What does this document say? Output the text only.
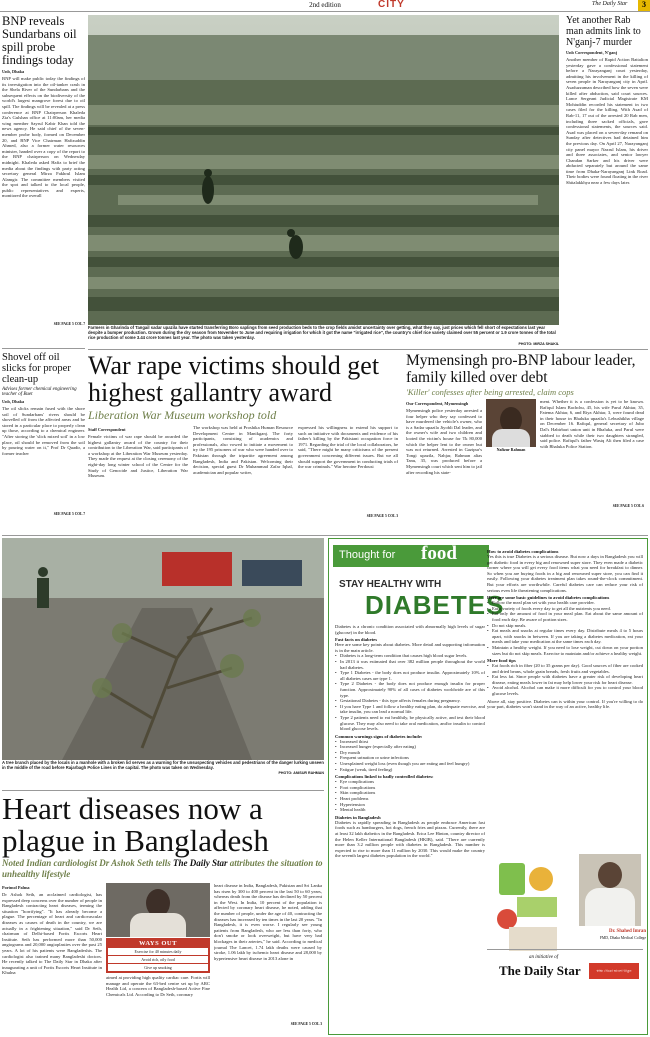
2nd edition	CITY	The Daily Star	3
BNP reveals Sundarbans oil spill probe findings today
Unb, Dhaka
BNP will make public today the findings of its investigation into the oil-tanker crash in the Shela River of the Sundarbans and the subsequent effects on the biodiversity of the world's largest mangrove forest due to oil spill. The findings will be revealed at a press conference at BNP Chairperson Khaleda Zia's Gulshan office at 11:00am, her media wing member Sayrul Kabir Khan told the news agency. He said chief of the seven-member probe body, formed on December 20, and BNP Vice Chairman Hafizuddin Ahmed, also a former water resources minister, handed over a copy of the report to the BNP chairperson on Wednesday midnight. Khaleda asked Hafiz to brief the media about the findings with party acting secretary general Mirza Fakhrul Islam Alamgir. The committee members visited the spot and talked to the local people, public representatives and experts, monitored the overall
SEE PAGE 5 COL 7
Shovel off oil slicks for proper clean-up
Advises former chemical engineering teacher of Buet
Unb, Dhaka
The oil slicks remain fused with the shore soil of Sundarbans' rivers should be shovelled off from the affected areas and be stored in a particular place to properly clean up those, according to a chemical engineer. "After storing the 'slick mixed soil' in a low place, oil should be removed from the soil by pouring water on it," Prof Dr Quadir, a former teacher
SEE PAGE 5 COL 7
Farmers in Gharinda of Tangail sadar upazila have started transferring Boro saplings from seed production beds to the crop fields amidst uncertainty over getting, what they say, just prices which fell short of expectations last year despite a bumper production. Grown during the dry season from November to June and requiring irrigation for which it got the name "irrigated rice", the country's chief rice variety claimed over 55 percent or 1.9 crore tonnes of the total rice production of some 3.44 crore tonnes last year. The photo was taken yesterday.
PHOTO: MIRZA SHAKIL
Yet another Rab man admits link to N'ganj-7 murder
Unb Correspondent, N'ganj
Another member of Rapid Action Battalion yesterday gave a confessional statement before a Narayanganj court yesterday, admitting his involvement in the killing of seven people in Narayanganj city in April. Asaduzzaman described how the seven were killed after abduction, said court sources. Lance Sergeant Judicial Magistrate KM Mohiuddin recorded his statement in two cases filed for the killing. With Asad of Rab-11, 17 out of the arrested 20 Rab men, including three sacked officials, gave confessional statements, the sources said. Asad was placed on a seven-day remand on Sunday after detectives had detained him the previous day. On April 27, Narayanganj city panel mayor Nazrul Islam, his driver and three associates, and senior lawyer Chandan Sarker and his driver were abducted separately but around the same time from Dhaka-Narayanganj Link Road. Their bodies were found floating in the river Shitalakkhya near a few days later.
War rape victims should get highest gallantry award
Liberation War Museum workshop told
Staff Correspondent
Female victims of war rape should be awarded the highest gallantry award of the country for their contribution to the Liberation War, said participants of a workshop at the Liberation War Museum yesterday. They made the request at the closing ceremony of the eight-day long winter school of the Centre for the Study of Genocide and Justice, Liberation War Museum.
The workshop was held at Proshika Human Resource Development Centre in Manikganj. The forty participants, consisting of academics and professionals, also vowed to initiate a movement to try the 195 prisoners of war who were handed over to Pakistan through the tripartite agreement among Bangladesh, India and Pakistan. Welcoming their decision, special guest Dr Muhammad Zafar Iqbal, academician and popular writer,
expressed his willingness to extend his support to such an initiative with documents and evidence of his father's killing by the Pakistani occupation force in 1971. Regarding the trial of the local collaborators, he said, "There might be many criticisms of the present government concerning different issues. But we all should support the government in conducting trials of the war criminals." War heroine Ferdousi
SEE PAGE 5 COL 3
Mymensingh pro-BNP labour leader, family killed over debt
'Killer' confesses after being arrested, claim cops
Our Correspondent, Mymensingh
Mymensingh police yesterday arrested a four helper who they say confessed to have murdered the vehicle's owner, who is a Sadar upazila Jiyobli Dal leader, and the owner's wife and two children and looted the victim's house for Tk 80,000 which the helper lent to the owner but was not returned. Arrested in Gazipur's Tongi upazila, Nahjar, Rahman alias Tanu, 35, was produced before a Mymensingh court which sent him to jail after recording his state-
Nafizur Rahman
ment. Whether it is a confession is yet to be known. Rafiqul Islam Bachchu, 45, his wife Parul Akhtar, 35, Fatema Akhtar, 6, and Riya Akhtar, 3, were found dead in their house in Bhaluka upazila's Lebushikha village on December 16. Rafiqul, general secretary of Jubo Dal's Habirbari union unit in Bhaluka, and Parul were stabbed to death while their two daughters strangled, said police. Rafiqul's father Wasiq Ali then filed a case with Bhaluka Police Station.
SEE PAGE 5 COL 6
A tree branch placed by the locals in a manhole with a broken lid serves as a warning for the unsuspecting vehicles and pedestrians of the danger lurking unseen in the middle of the road before Rajarbagh Police Lines in the capital. The photo was taken on Wednesday.
PHOTO: ANISUR RAHMAN
Heart diseases now a plague in Bangladesh
Noted Indian cardiologist Dr Ashok Seth tells The Daily Star attributes the situation to unhealthy lifestyle
Porimol Palma
Dr Ashok Seth, an acclaimed cardiologist, has expressed deep concerns over the number of people in Bangladesh contracting heart diseases, terming the situation "horrifying". "It has already become a plague. The percentage of heart and cardiovascular diseases as causes of death in the country, we are actually in a frightening situation," said Dr Seth, chairman of Delhi-based Fortis Escorts Heart Institute. Seth has performed more than 50,000 angiograms and 20,000 angioplasties over the past 25 years. A lot of his patients were Bangladeshis. The cardiologist also trained many Bangladeshi doctors. He recently talked to The Daily Star in Dhaka after inaugurating a unit of Fortis Escorts Heart Institute in Khulna
WAYS OUT
Exercise for 40 minutes daily
Avoid rich, oily food
Give up smoking
aimed at providing high quality cardiac care. Fortis will manage and operate the 63-bed centre set up by ARC Health Ltd, a concern of Bangladesh-based Active Fine Chemicals Ltd. According to Dr Seth, coronary
heart disease in India, Bangladesh, Pakistan and Sri Lanka has risen by 300 to 400 percent in the last 50 to 60 years, whereas death from the disease has declined by 50 percent in the West. In India, 10 percent of the population is affected by coronary heart disease, he noted, adding that the number of people, under the age of 40, contracting the diseases has increased by ten times in the last 20 years. "In Bangladesh, it is even worse. I regularly see young patients from Bangladesh, who are less than forty, who don't smoke or look overweight, but have very bad blockages in their arteries," he said. According to medical journal The Lancet, 1.74 lakh deaths were caused by stroke, 1.06 lakh by ischemic heart disease and 28,000 by hypertensive heart disease in 2013 alone in
SEE PAGE 5 COL 3
Thought for food
STAY HEALTHY WITH
DIABETES
Diabetes is a chronic condition associated with abnormally high levels of sugar (glucose) in the blood.
Fast facts on diabetes
Here are some key points about diabetes. More detail and supporting information is in the main article.
• Diabetes is a long-term condition that causes high blood sugar levels.
• In 2013 it was estimated that over 382 million people throughout the world had diabetes.
• Type 1 Diabetes - the body does not produce insulin. Approximately 10% of all diabetes cases are type 1.
• Type 2 Diabetes - the body does not produce enough insulin for proper function. Approximately 90% of all cases of diabetes worldwide are of this type.
• Gestational Diabetes - this type affects females during pregnancy.
• If you have Type 1 and follow a healthy eating plan, do adequate exercise, and take insulin, you can lead a normal life.
• Type 2 patients need to eat healthily, be physically active, and test their blood glucose. They may also need to take oral medication, and/or insulin to control blood glucose levels.
Common warnings signs of diabetes include:
• Increased thirst
• Increased hunger (especially after eating)
• Dry mouth
• Frequent urination or urine infections
• Unexplained weight loss (even though you are eating and feel hungry)
• Fatigue (weak, tired feeling)
Complications linked to badly controlled diabetes:
• Eye complications
• Foot complications
• Skin complications
• Heart problems
• Hypertension
• Mental health
Diabetes in Bangladesh
Diabetes is rapidly spreading in Bangladesh as people embrace American fast foods such as hamburgers, hot dogs, french fries and pizzas. Currently, there are at least 32 lakh diabetics in the Bangladesh. Erica Lee Hinton, country director of the Helen Keller International Bangladesh (HKIB), said. "There are currently more than 3.2 million people with diabetes in Bangladesh. This number is expected to rise to more than 11 million by 2030. This would make the country the seventh largest diabetes population in the world."
How to avoid diabetes complications
Yes this is true Diabetes is a serious disease. But now a days in Bangladesh you will get diabetic food in every big and renowned super store. They even made a diabetic corner where you will get every food items what you need for breakfast to dinner. So when you are buying foods in a big and renowned super store, you can find it easily. Following your diabetes treatment plan takes round-the-clock commitment. But your efforts are worthwhile. Careful diabetes care can reduce your risk of serious even life threatening complications.
Here are some basic guidelines to avoid diabetes complications
• Follow the meal plan set with your health care provider.
• Eat a variety of foods every day to get all the nutrients you need.
• Eat only the amount of food in your meal plan. Eat about the same amount of food each day. Be aware of portion sizes.
• Do not skip meals.
• Eat meals and snacks at regular times every day. Distribute meals 4 to 5 hours apart, with snacks in between. If you are taking a diabetes medication, eat your meals and take your medication at the same times each day.
• Maintain a healthy weight. If you need to lose weight, cut down on your portion sizes but do not skip meals. Exercise to maintain and/or achieve a healthy weight.
More food tips
• Eat foods rich in fiber (20 to 35 grams per day). Good sources of fiber are cooked and dried beans, whole grain breads, fresh fruits and vegetables.
• Eat less fat. Since people with diabetes have a greater risk of developing heart disease, eating meals lower in fat may help lower your risk for heart disease.
• Avoid alcohol. Alcohol can make it more difficult for you to control your blood glucose levels.
Above all, stay positive. Diabetes can is within your control. If you're willing to do your part, diabetes won't stand in the way of an active, healthy life.
Dr. Shahed Imran
FMD, Dhaka Medical College
an initiative of
The Daily Star	স্বাস্থ্য খেকো ভালো থাকুন
